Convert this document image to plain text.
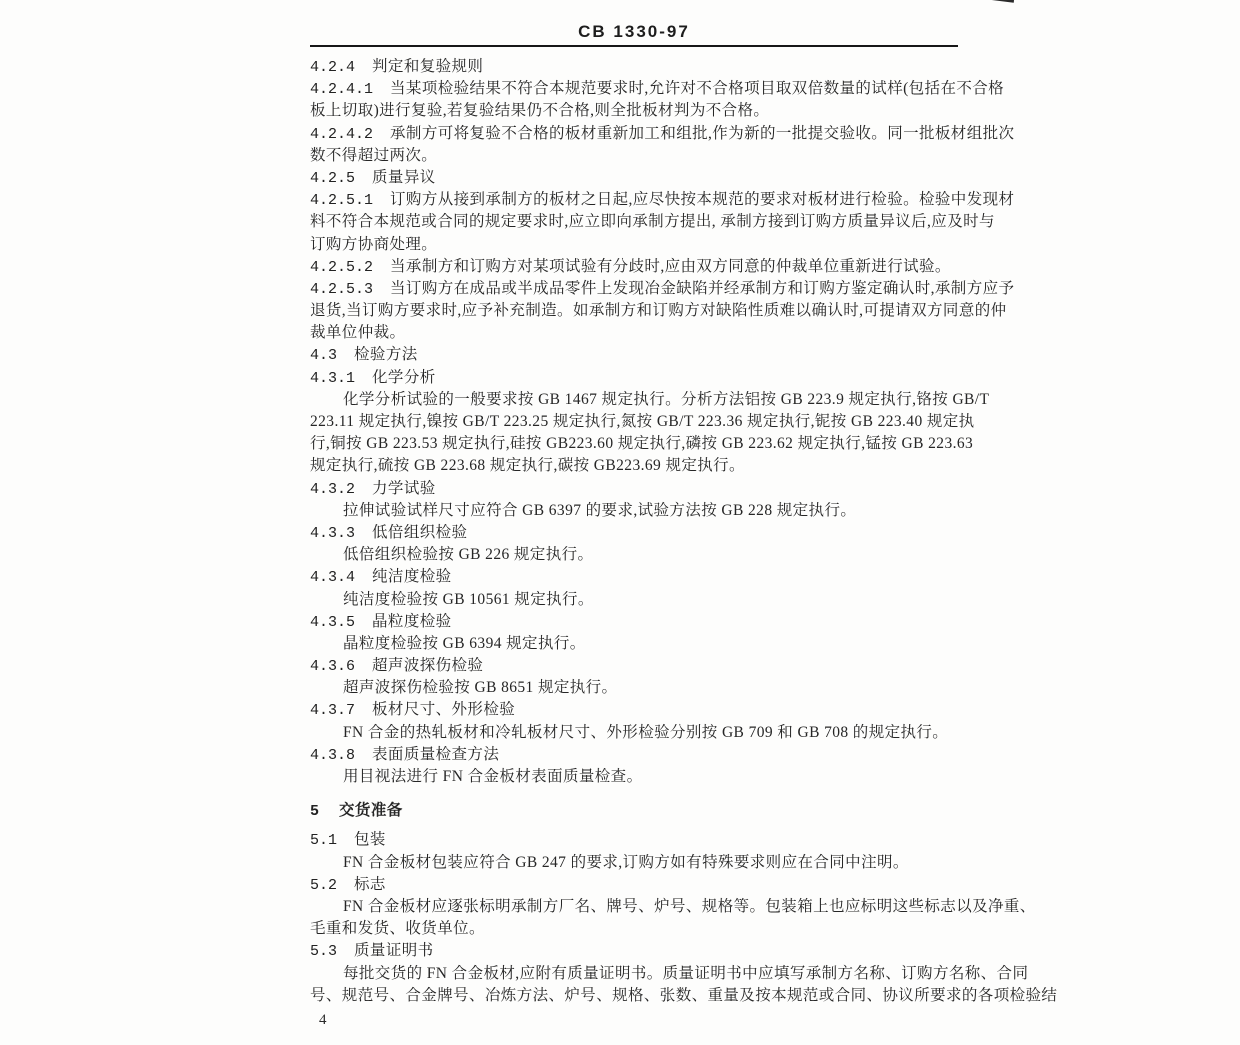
CB 1330-97
4.2.4 判定和复验规则
4.2.4.1 当某项检验结果不符合本规范要求时,允许对不合格项目取双倍数量的试样(包括在不合格
板上切取)进行复验,若复验结果仍不合格,则全批板材判为不合格。
4.2.4.2 承制方可将复验不合格的板材重新加工和组批,作为新的一批提交验收。同一批板材组批次
数不得超过两次。
4.2.5 质量异议
4.2.5.1 订购方从接到承制方的板材之日起,应尽快按本规范的要求对板材进行检验。检验中发现材
料不符合本规范或合同的规定要求时,应立即向承制方提出, 承制方接到订购方质量异议后,应及时与
订购方协商处理。
4.2.5.2 当承制方和订购方对某项试验有分歧时,应由双方同意的仲裁单位重新进行试验。
4.2.5.3 当订购方在成品或半成品零件上发现冶金缺陷并经承制方和订购方鉴定确认时,承制方应予
退货,当订购方要求时,应予补充制造。如承制方和订购方对缺陷性质难以确认时,可提请双方同意的仲
裁单位仲裁。
4.3 检验方法
4.3.1 化学分析
化学分析试验的一般要求按 GB 1467 规定执行。分析方法铝按 GB 223.9 规定执行,铬按 GB/T
223.11 规定执行,镍按 GB/T 223.25 规定执行,氮按 GB/T 223.36 规定执行,铌按 GB 223.40 规定执
行,铜按 GB 223.53 规定执行,硅按 GB223.60 规定执行,磷按 GB 223.62 规定执行,锰按 GB 223.63
规定执行,硫按 GB 223.68 规定执行,碳按 GB223.69 规定执行。
4.3.2 力学试验
拉伸试验试样尺寸应符合 GB 6397 的要求,试验方法按 GB 228 规定执行。
4.3.3 低倍组织检验
低倍组织检验按 GB 226 规定执行。
4.3.4 纯洁度检验
纯洁度检验按 GB 10561 规定执行。
4.3.5 晶粒度检验
晶粒度检验按 GB 6394 规定执行。
4.3.6 超声波探伤检验
超声波探伤检验按 GB 8651 规定执行。
4.3.7 板材尺寸、外形检验
FN 合金的热轧板材和冷轧板材尺寸、外形检验分别按 GB 709 和 GB 708 的规定执行。
4.3.8 表面质量检查方法
用目视法进行 FN 合金板材表面质量检查。
5 交货准备
5.1 包装
FN 合金板材包装应符合 GB 247 的要求,订购方如有特殊要求则应在合同中注明。
5.2 标志
FN 合金板材应逐张标明承制方厂名、牌号、炉号、规格等。包装箱上也应标明这些标志以及净重、
毛重和发货、收货单位。
5.3 质量证明书
每批交货的 FN 合金板材,应附有质量证明书。质量证明书中应填写承制方名称、订购方名称、合同
号、规范号、合金牌号、冶炼方法、炉号、规格、张数、重量及按本规范或合同、协议所要求的各项检验结
4
